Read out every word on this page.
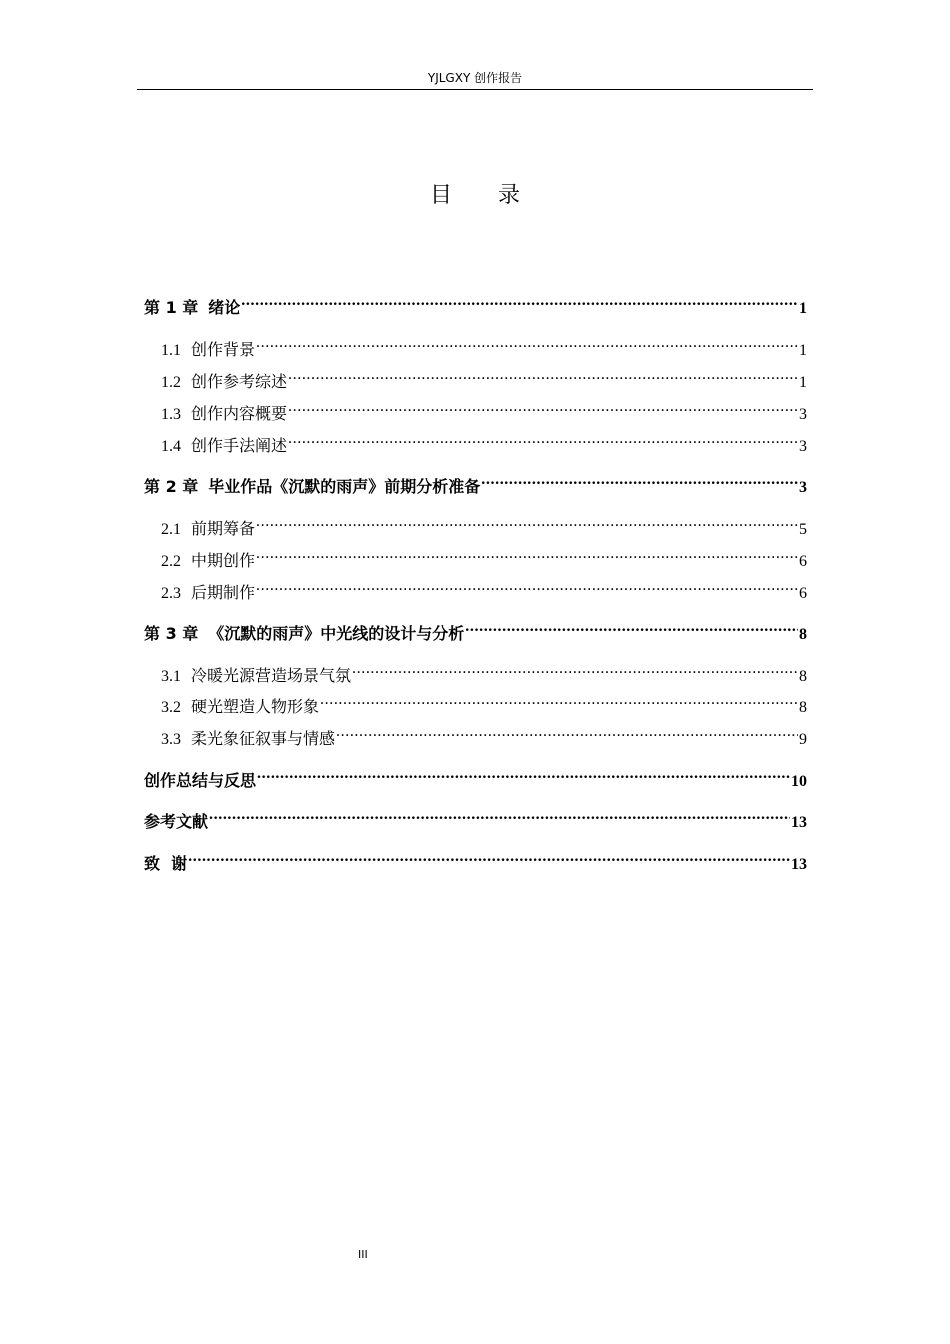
YJLGXY 创作报告
目录
第 1 章 绪论 .....	1
1.1 创作背景 .....	1
1.2 创作参考综述 .....	1
1.3 创作内容概要 .....	3
1.4 创作手法阐述 .....	3
第 2 章 毕业作品《沉默的雨声》前期分析准备 .....	3
2.1 前期筹备 .....	5
2.2 中期创作 .....	6
2.3 后期制作 .....	6
第 3 章 《沉默的雨声》中光线的设计与分析 .....	8
3.1 冷暖光源营造场景气氛 .....	8
3.2 硬光塑造人物形象 .....	8
3.3 柔光象征叙事与情感 .....	9
创作总结与反思 .....	10
参考文献 .....	13
致  谢 .....	13
III
